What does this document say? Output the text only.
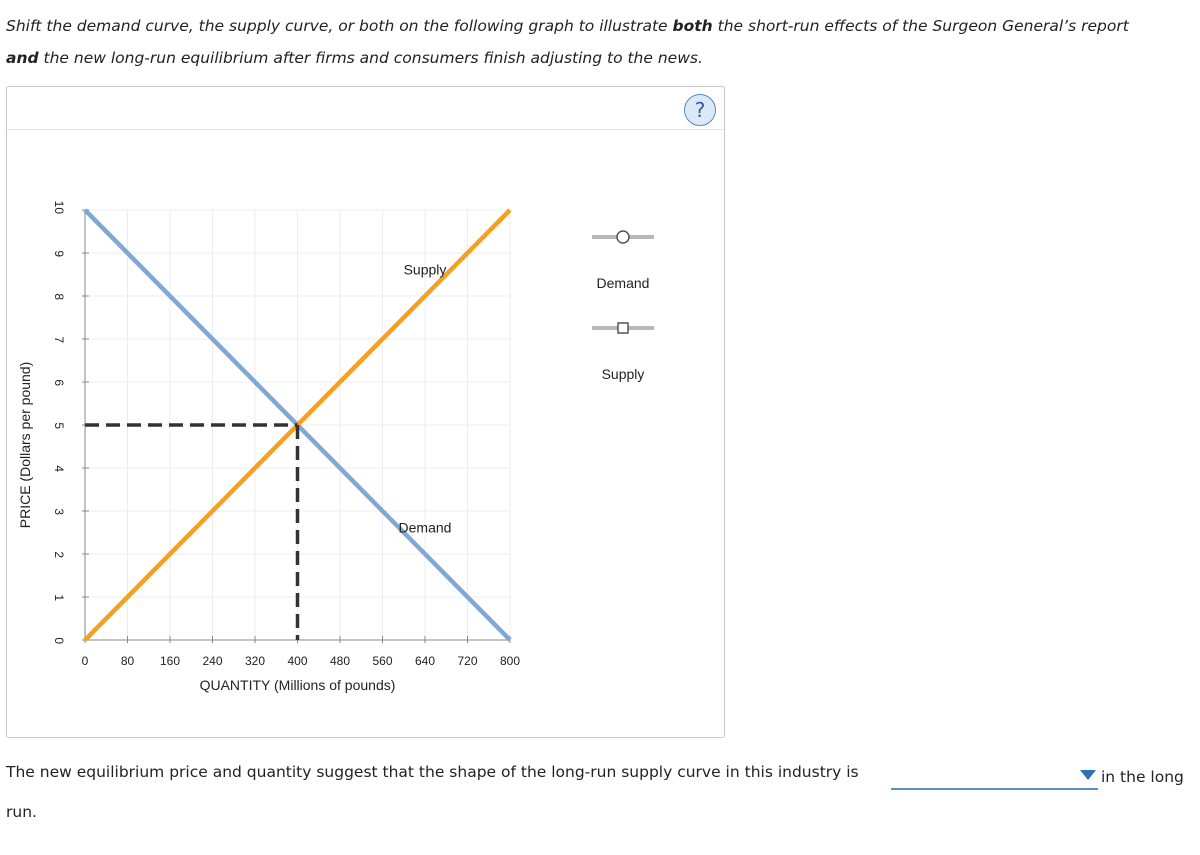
Shift the demand curve, the supply curve, or both on the following graph to illustrate both the short-run effects of the Surgeon General’s report
and the new long-run equilibrium after firms and consumers finish adjusting to the news.
?
0
1
2
3
4
5
6
7
8
9
10
0	80 160 240 320 400 480 560 640 720 800
QUANTITY (Millions of pounds)
PRICE (Dollars per pound)	Demand
Supply
Demand
Supply
The new equilibrium price and quantity suggest that the shape of the long-run supply curve in this industry is	in the long
run.
